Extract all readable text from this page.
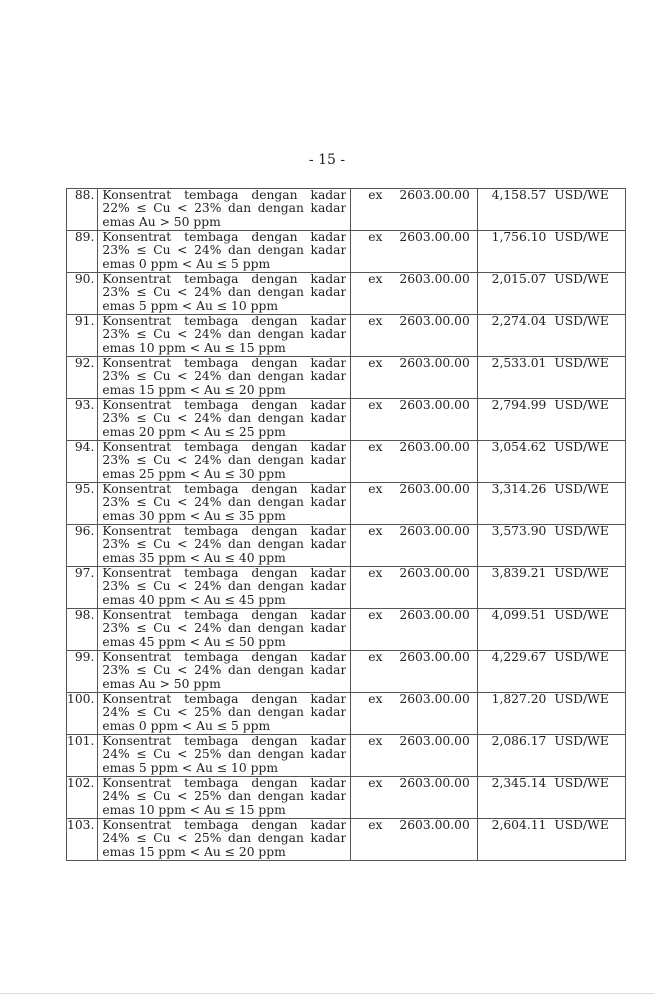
- 15 -
88.	Konsentrat tembaga dengan kadar
22% ≤ Cu < 23% dan dengan kadar
emas Au > 50 ppm	ex 2603.00.00	4,158.57 USD/WE
89.	Konsentrat tembaga dengan kadar
23% ≤ Cu < 24% dan dengan kadar
emas 0 ppm < Au ≤ 5 ppm	ex 2603.00.00	1,756.10 USD/WE
90.	Konsentrat tembaga dengan kadar
23% ≤ Cu < 24% dan dengan kadar
emas 5 ppm < Au ≤ 10 ppm	ex 2603.00.00	2,015.07 USD/WE
91.	Konsentrat tembaga dengan kadar
23% ≤ Cu < 24% dan dengan kadar
emas 10 ppm < Au ≤ 15 ppm	ex 2603.00.00	2,274.04 USD/WE
92.	Konsentrat tembaga dengan kadar
23% ≤ Cu < 24% dan dengan kadar
emas 15 ppm < Au ≤ 20 ppm	ex 2603.00.00	2,533.01 USD/WE
93.	Konsentrat tembaga dengan kadar
23% ≤ Cu < 24% dan dengan kadar
emas 20 ppm < Au ≤ 25 ppm	ex 2603.00.00	2,794.99 USD/WE
94.	Konsentrat tembaga dengan kadar
23% ≤ Cu < 24% dan dengan kadar
emas 25 ppm < Au ≤ 30 ppm	ex 2603.00.00	3,054.62 USD/WE
95.	Konsentrat tembaga dengan kadar
23% ≤ Cu < 24% dan dengan kadar
emas 30 ppm < Au ≤ 35 ppm	ex 2603.00.00	3,314.26 USD/WE
96.	Konsentrat tembaga dengan kadar
23% ≤ Cu < 24% dan dengan kadar
emas 35 ppm < Au ≤ 40 ppm	ex 2603.00.00	3,573.90 USD/WE
97.	Konsentrat tembaga dengan kadar
23% ≤ Cu < 24% dan dengan kadar
emas 40 ppm < Au ≤ 45 ppm	ex 2603.00.00	3,839.21 USD/WE
98.	Konsentrat tembaga dengan kadar
23% ≤ Cu < 24% dan dengan kadar
emas 45 ppm < Au ≤ 50 ppm	ex 2603.00.00	4,099.51 USD/WE
99.	Konsentrat tembaga dengan kadar
23% ≤ Cu < 24% dan dengan kadar
emas Au > 50 ppm	ex 2603.00.00	4,229.67 USD/WE
100.	Konsentrat tembaga dengan kadar
24% ≤ Cu < 25% dan dengan kadar
emas 0 ppm < Au ≤ 5 ppm	ex 2603.00.00	1,827.20 USD/WE
101.	Konsentrat tembaga dengan kadar
24% ≤ Cu < 25% dan dengan kadar
emas 5 ppm < Au ≤ 10 ppm	ex 2603.00.00	2,086.17 USD/WE
102.	Konsentrat tembaga dengan kadar
24% ≤ Cu < 25% dan dengan kadar
emas 10 ppm < Au ≤ 15 ppm	ex 2603.00.00	2,345.14 USD/WE
103.	Konsentrat tembaga dengan kadar
24% ≤ Cu < 25% dan dengan kadar
emas 15 ppm < Au ≤ 20 ppm	ex 2603.00.00	2,604.11 USD/WE
